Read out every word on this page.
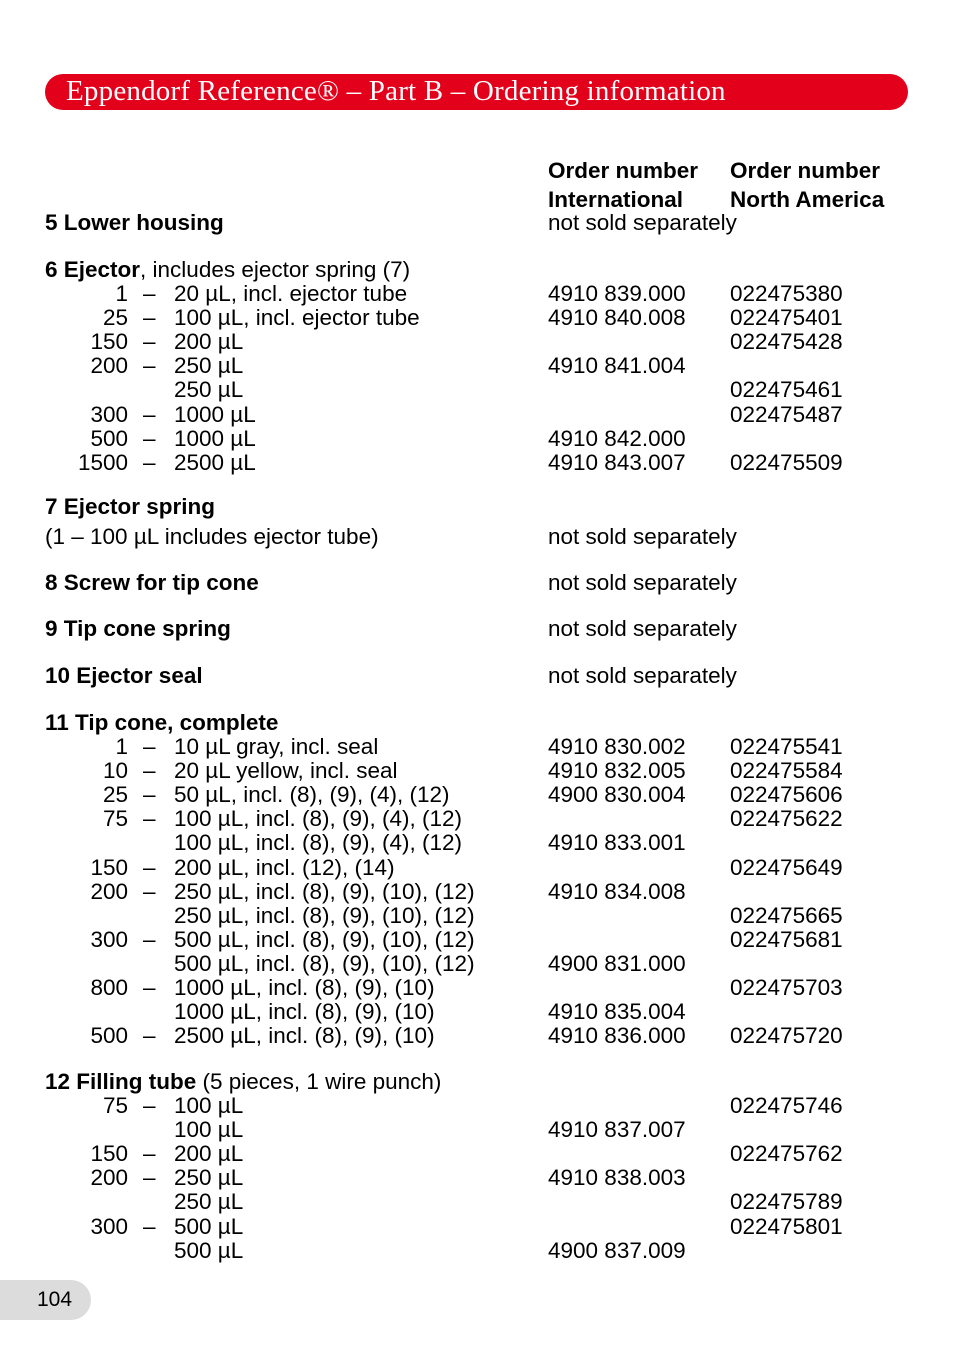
Eppendorf Reference® – Part B – Ordering information
Order number
International
Order number
North America
5 Lower housing	not sold separately
6 Ejector, includes ejector spring (7)
1 – 20 µL, incl. ejector tube	4910 839.000 022475380
25 – 100 µL, incl. ejector tube	4910 840.008 022475401
150 – 200 µL	022475428
200 – 250 µL	4910 841.004
250 µL	022475461
300 – 1000 µL	022475487
500 – 1000 µL	4910 842.000
1500 – 2500 µL	4910 843.007 022475509
7 Ejector spring
(1 – 100 µL includes ejector tube)	not sold separately
8 Screw for tip cone	not sold separately
9 Tip cone spring	not sold separately
10 Ejector seal	not sold separately
11 Tip cone, complete
1 – 10 µL gray, incl. seal	4910 830.002 022475541
10 – 20 µL yellow, incl. seal	4910 832.005 022475584
25 – 50 µL, incl. (8), (9), (4), (12)	4900 830.004 022475606
75 – 100 µL, incl. (8), (9), (4), (12)	022475622
100 µL, incl. (8), (9), (4), (12)	4910 833.001
150 – 200 µL, incl. (12), (14)	022475649
200 – 250 µL, incl. (8), (9), (10), (12)	4910 834.008
250 µL, incl. (8), (9), (10), (12)	022475665
300 – 500 µL, incl. (8), (9), (10), (12)	022475681
500 µL, incl. (8), (9), (10), (12)	4900 831.000
800 – 1000 µL, incl. (8), (9), (10)	022475703
1000 µL, incl. (8), (9), (10)	4910 835.004
500 – 2500 µL, incl. (8), (9), (10)	4910 836.000 022475720
12 Filling tube (5 pieces, 1 wire punch)
75 – 100 µL	022475746
100 µL	4910 837.007
150 – 200 µL	022475762
200 – 250 µL	4910 838.003
250 µL	022475789
300 – 500 µL	022475801
500 µL	4900 837.009
104
